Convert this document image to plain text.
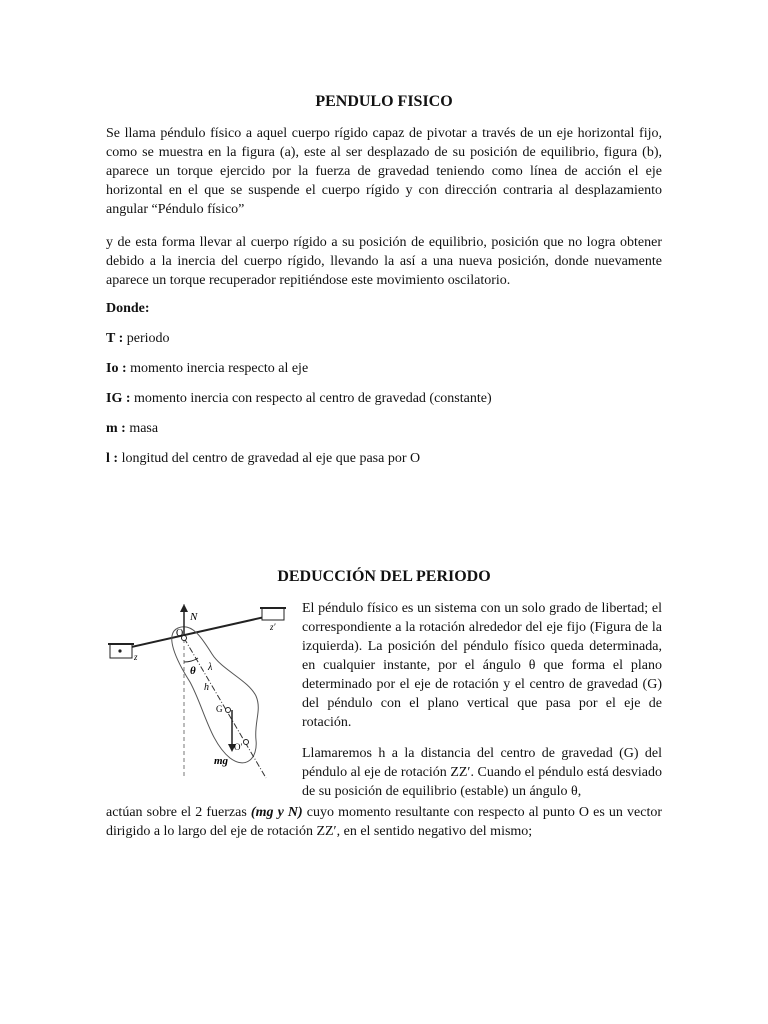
PENDULO FISICO

Se llama péndulo físico a aquel cuerpo rígido capaz de pivotar a través de un eje horizontal fijo, como se muestra en la figura (a), este al ser desplazado de su posición de equilibrio, figura (b), aparece un torque ejercido por la fuerza de gravedad teniendo como línea de acción el eje horizontal en el que se suspende el cuerpo rígido y con dirección contraria al desplazamiento angular “Péndulo físico”

y de esta forma llevar al cuerpo rígido a su posición de equilibrio, posición que no logra obtener debido a la inercia del cuerpo rígido, llevando la así a una nueva posición, donde nuevamente aparece un torque recuperador repitiéndose este movimiento oscilatorio.

Donde:
T : periodo
Io : momento inercia respecto al eje
IG : momento inercia con respecto al centro de gravedad (constante)
m : masa
l : longitud del centro de gravedad al eje que pasa por O
DEDUCCIÓN DEL PERIODO
N
O
θ λ
h
G
O′
mg
z
z′

El péndulo físico es un sistema con un solo grado de libertad; el correspondiente a la rotación alrededor del eje fijo (Figura de la izquierda). La posición del péndulo físico queda determinada, en cualquier instante, por el ángulo θ que forma el plano determinado por el eje de rotación y el centro de gravedad (G) del péndulo con el plano vertical que pasa por el eje de rotación.

Llamaremos h a la distancia del centro de gravedad (G) del péndulo al eje de rotación ZZ′. Cuando el péndulo está desviado de su posición de equilibrio (estable) un ángulo θ,

actúan sobre el 2 fuerzas (mg y N) cuyo momento resultante con respecto al punto O es un vector dirigido a lo largo del eje de rotación ZZ′, en el sentido negativo del mismo;
